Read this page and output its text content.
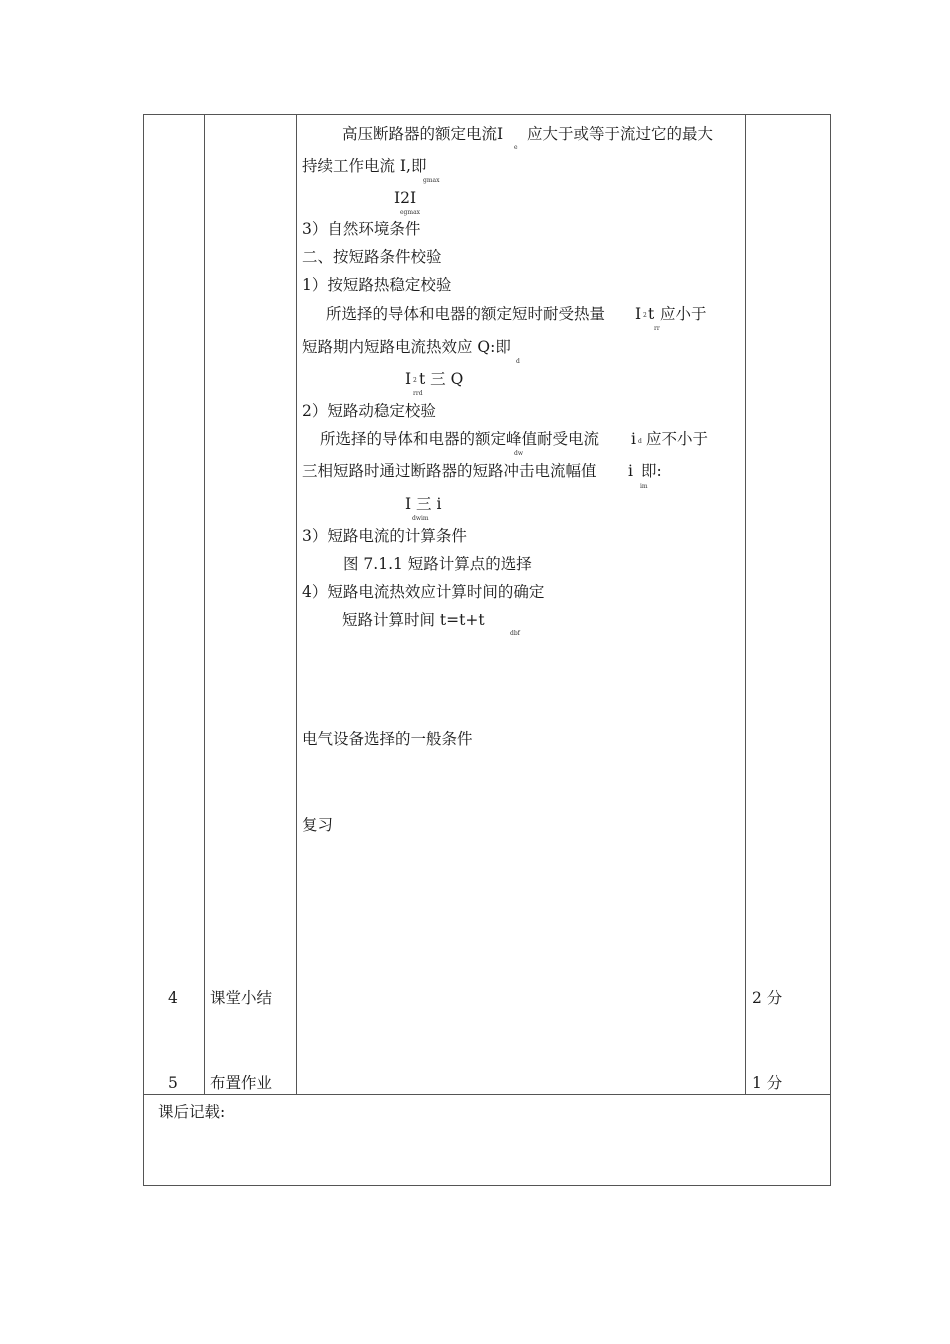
高压断路器的额定电流 I
e
应大于或等于流过它的最大
持续工作电流 I,即
gmax
I2I
egmax
3）自然环境条件
二、按短路条件校验
1）按短路热稳定校验
所选择的导体和电器的额定短时耐受热量 I 2 t 应小于
rr
短路期内短路电流热效应 Q:即
d
I 2 t 三 Q
rrd
2）短路动稳定校验
所选择的导体和电器的额定峰值耐受电流 i d 应不小于
dw
三相短路时通过断路器的短路冲击电流幅值 i 即:
im
I 三 i
dwim
3）短路电流的计算条件
图 7.1.1 短路计算点的选择
4）短路电流热效应计算时间的确定
短路计算时间 t=t+t
dbf
电气设备选择的一般条件
复习
4 课堂小结	2 分
5 布置作业	1 分
课后记载:
